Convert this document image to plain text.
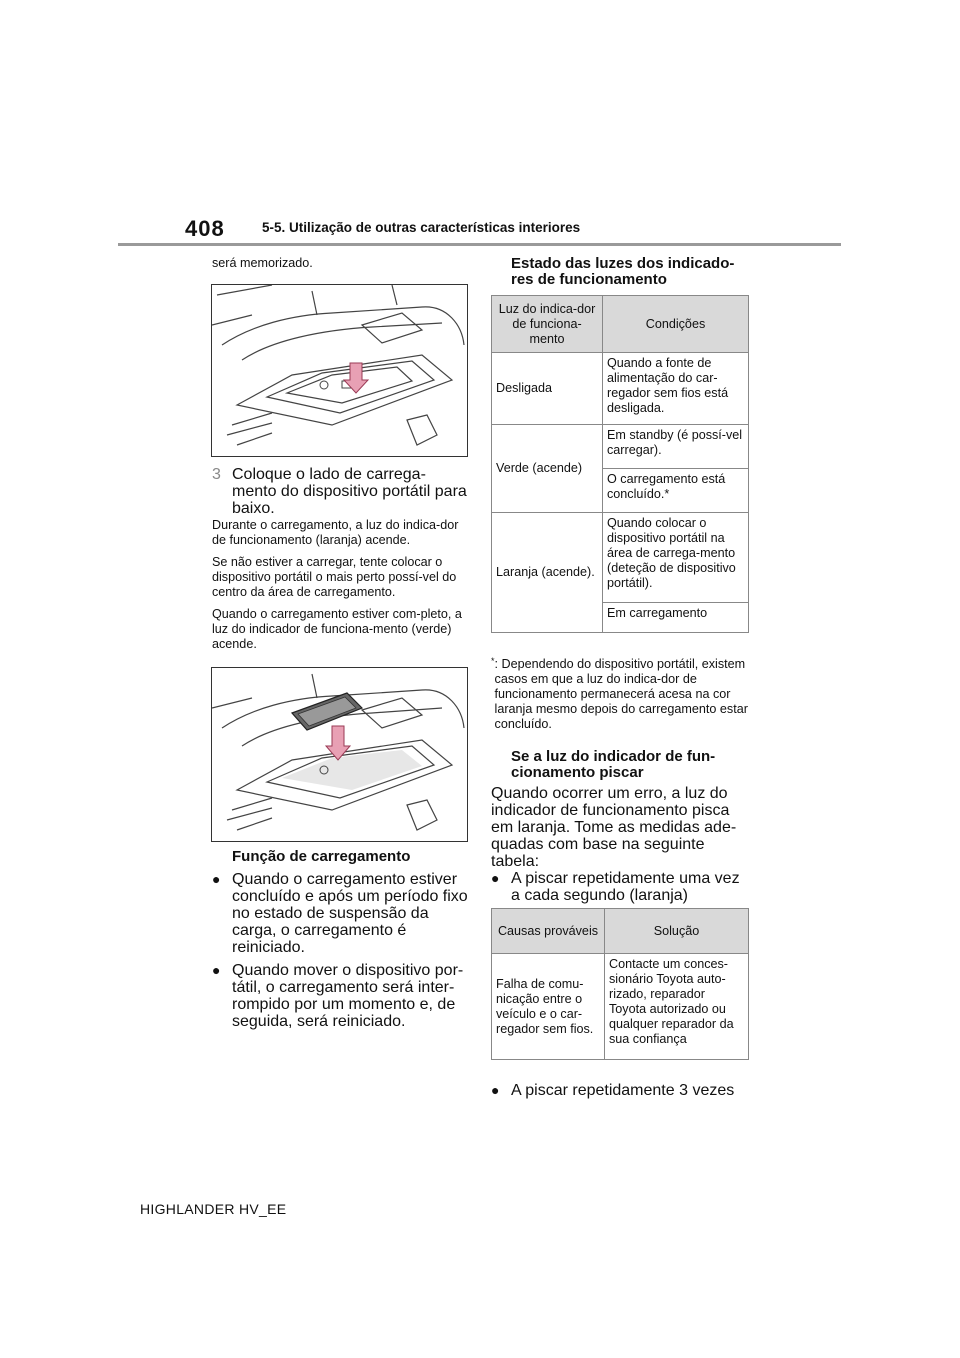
408	5-5. Utilização de outras características interiores
será memorizado.
3 Coloque o lado de carrega-mento do dispositivo portátil para baixo.
Durante o carregamento, a luz do indica-dor de funcionamento (laranja) acende.
Se não estiver a carregar, tente colocar o dispositivo portátil o mais perto possí-vel do centro da área de carregamento.
Quando o carregamento estiver com-pleto, a luz do indicador de funciona-mento (verde) acende.
Função de carregamento
● Quando o carregamento estiver concluído e após um período fixo no estado de suspensão da carga, o carregamento é reiniciado.
● Quando mover o dispositivo por-tátil, o carregamento será inter-rompido por um momento e, de seguida, será reiniciado.
Estado das luzes dos indicado-res de funcionamento
Luz do indica-dor de funciona-mento	Condições
Desligada	Quando a fonte de alimentação do car-regador sem fios está desligada.
Verde (acende)	Em standby (é possí-vel carregar).
	O carregamento está concluído.*
Laranja (acende).	Quando colocar o dispositivo portátil na área de carrega-mento (deteção de dispositivo portátil).
	Em carregamento
* : Dependendo do dispositivo portátil, existem casos em que a luz do indica-dor de funcionamento permanecerá acesa na cor laranja mesmo depois do carregamento estar concluído.
Se a luz do indicador de fun-cionamento piscar
Quando ocorrer um erro, a luz do indicador de funcionamento pisca em laranja. Tome as medidas ade-quadas com base na seguinte tabela:
● A piscar repetidamente uma vez a cada segundo (laranja)
Causas prováveis	Solução
Falha de comu-nicação entre o veículo e o car-regador sem fios.	Contacte um conces-sionário Toyota auto-rizado, reparador Toyota autorizado ou qualquer reparador da sua confiança
● A piscar repetidamente 3 vezes
HIGHLANDER HV_EE
